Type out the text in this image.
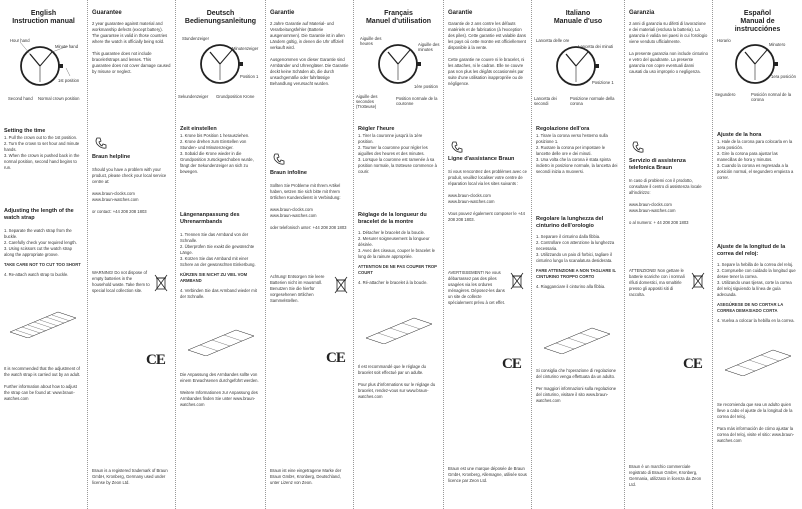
English
Instruction manual
Hour hand
Minute hand
1st position
Second hand Normal crown position

Setting the time

1. Pull the crown out to the 1st position.

2. Turn the crown to set hour and minute hands.

3. When the crown is pushed back in the normal position, second hand begins to run.

Adjusting the length of the watch strap

1. Separate the watch strap from the buckle.

2. Carefully check your required length.

3. Using scissors cut the watch strap along the appropriate groove.

TAKE CARE NOT TO CUT TOO SHORT

4. Re-attach watch strap to buckle.

It is recommended that the adjustment of the watch strap is carried out by an adult.

Further information about how to adjust the strap can be found at: www.braun-watches.com

Guarantee

2 year guarantee against material and workmanship defects (except battery). The guarantee is valid in those countries where the watch is officially being sold.

This guarantee does not include bracelet/straps and lenses. This guarantee does not cover damage caused by misuse or neglect.

Braun helpline

Should you have a problem with your product, please check your local service centre at:

www.braun-clocks.com

www.braun-watches.com

or contact: +44 208 208 1803

WARNING! Do not dispose of empty batteries in the household waste. Take them to special local collection site.

CE

Braun is a registered trademark of Braun GmbH, Kronberg, Germany used under license by Zeon Ltd.

Deutsch
Bedienungsanleitung
Stundenzeiger
Minutenzeiger
Position 1
Sekundenzeiger Grundposition Krone

Zeit einstellen

1. Krone bis Position 1 herausziehen.

2. Krone drehen zum Einstellen von Stunden- und Minutenzeiger.

3. Sobald die Krone wieder in die Grundposition zurückgeschoben wurde, fängt der Sekundenzeiger an sich zu bewegen.

Längenanpassung des Uhrenarmbands

1. Trennen Sie das Armband von der Schnalle.

2. Überprüfen Sie exakt die gewünschte Länge.

3. Kürzen Sie das Armband mit einer Schere an der gewünschten Einkerbung.

KÜRZEN SIE NICHT ZU VIEL VOM ARMBAND

4. Verbinden Sie das Armband wieder mit der Schnalle.

Die Anpassung des Armbandes sollte von einem Erwachsenen durchgeführt werden.

Weitere Informationen zur Anpassung des Armbandes finden Sie unter www.braun-watches.com

Garantie

2 Jahre Garantie auf Material- und Verarbeitungsfehler (Batterie ausgenommen). Die Garantie ist in allen Ländern gültig, in denen die Uhr offiziell verkauft wird.

Ausgenommen von dieser Garantie sind Armbänder und Uhrengläser. Die Garantie deckt keine Schäden ab, die durch unsachgemäße oder fahrlässige Behandlung verursacht wurden.

Braun infoline

Sollten Sie Probleme mit Ihrem Artikel haben, setzen Sie sich bitte mit Ihrem örtlichen Kundendienst in Verbindung:

www.braun-clocks.com

www.braun-watches.com

oder telefonisch unter: +44 208 208 1803

Achtung! Entsorgen Sie leere Batterien nicht im Hausmüll. Benutzen Sie die hierfür vorgesehenen örtlichen Sammelstellen.

CE

Braun ist eine eingetragene Marke der Braun GmbH, Kronberg, Deutschland, unter Lizenz von Zeon.

Français
Manuel d'utilisation
Aiguille des heures	Aiguille des minutes
1ère position
Aiguille des secondes (Trotteuse)
Position normale de la couronne

Régler l'heure

1. Tirer la couronne jusqu'à la 1ère position.

2. Tourner la couronne pour régler les aiguilles des heures et des minutes.

3. Lorsque la couronne est ramenée à sa position normale, la trotteuse commence à courir.

Réglage de la longueur du bracelet de la montre

1. Détacher le bracelet de la boucle.

2. Mesurer soigneusement la longueur désirée.

3. Avec des ciseaux, couper le bracelet le long de la rainure appropriée.

ATTENTION DE NE PAS COUPER TROP COURT

4. Ré-attacher le bracelet à la boucle.

Il est recommandé que le réglage du bracelet soit effectué par un adulte.

Pour plus d'informations sur le réglage du bracelet, rendez-vous sur www.braun-watches.com

Garantie

Garantie de 2 ans contre les défauts matériels et de fabrication (à l'exception des piles). Cette garantie est valable dans les pays où cette montre est officiellement disponible à la vente.

Cette garantie ne couvre ni le bracelet, ni les attaches, ni le cadran. Elle ne couvre pas non plus les dégâts occasionnés par suite d'une utilisation inappropriée ou de négligence.

Ligne d'assistance Braun

Si vous rencontrez des problèmes avec ce produit, veuillez localiser votre centre de réparation local via les sites suivants :

www.braun-clocks.com

www.braun-watches.com

Vous pouvez également composer le +44 208 208 1803.

AVERTISSEMENT! Ne vous débarrassez pas des piles usagées via les ordures ménagères. Déposez-les dans un site de collecte spécialement prévu à cet effet.

CE

Braun est une marque déposée de Braun GmbH, Kronberg, Allemagne, utilisée sous licence par Zeon Ltd.

Italiano
Manuale d'uso
Lancetta delle ore
Lancetta dei minuti
Posizione 1
Lancetta dei secondi
Posizione normale della corona

Regolazione dell'ora

1. Tirare la corona verso l'esterno sulla posizione 1.

2. Ruotare la corona per impostare le lancette delle ore e dei minuti.

3. Una volta che la corona è stata spinta indietro in posizione normale, la lancetta dei secondi inizia a muoversi.

Regolare la lunghezza del cinturino dell'orologio

1. Separare il cinturino dalla fibbia.

2. Controllare con attenzione la lunghezza necessaria.

3. Utilizzando un paio di forbici, tagliare il cinturino lungo la scanalatura desiderata.

FARE ATTENZIONE A NON TAGLIARE IL CINTURINO TROPPO CORTO

4. Riagganciare il cinturino alla fibbia.

Si consiglia che l'operazione di regolazione del cinturino venga effettuata da un adulto.

Per maggiori informazioni sulla regolazione del cinturino, visitare il sito www.braun-watches.com

Garanzia

2 anni di garanzia su difetti di lavorazione e dei materiali (esclusa la batteria). La garanzia è valida nei paesi in cui l'orologio viene venduto ufficialmente.

La presente garanzia non include cinturino e vetro del quadrante. La presente garanzia non copre eventuali danni causati da uso improprio o negligenza.

Servizio di assistenza telefonica Braun

In caso di problemi con il prodotto, consultare il centro di assistenza locale all'indirizzo:

www.braun-clocks.com

www.braun-watches.com

o al numero: + 44 208 208 1803

ATTENZIONE! Non gettare le batterie scariche con i normali rifiuti domestici, ma smaltirle presso gli appositi siti di raccolta.

CE

Braun è un marchio commerciale registrato di Braun GmbH, Kronberg, Germania, utilizzato in licenza da Zeon Ltd.

Español
Manual de instrucciónes
Horario
Minutero
1era posición
Segundero	Posición normal de la corona

Ajuste de la hora

1. Hale de la corona para colocarla en la 1era posición.

2. Gire la corona para ajustar las manecillas de hora y minutos.

3. Cuando la corona es regresada a la posición normal, el segundero empieza a correr.

Ajuste de la longitud de la correa del reloj:

1. Separe la hebilla de la correa del reloj.

2. Compruebe con cuidado la longitud que desee tener la correa.

3. Utilizando unas tijeras, corte la correa del reloj siguiendo la línea de guía adecuada.

ASEGÚRESE DE NO CORTAR LA CORREA DEMASIADO CORTA

4. Vuelva a colocar la hebilla en la correa.

Se recomienda que sea un adulto quien lleve a cabo el ajuste de la longitud de la correa del reloj.

Para más información de cómo ajustar la correa del reloj, visite el sitio: www.braun-watches.com
